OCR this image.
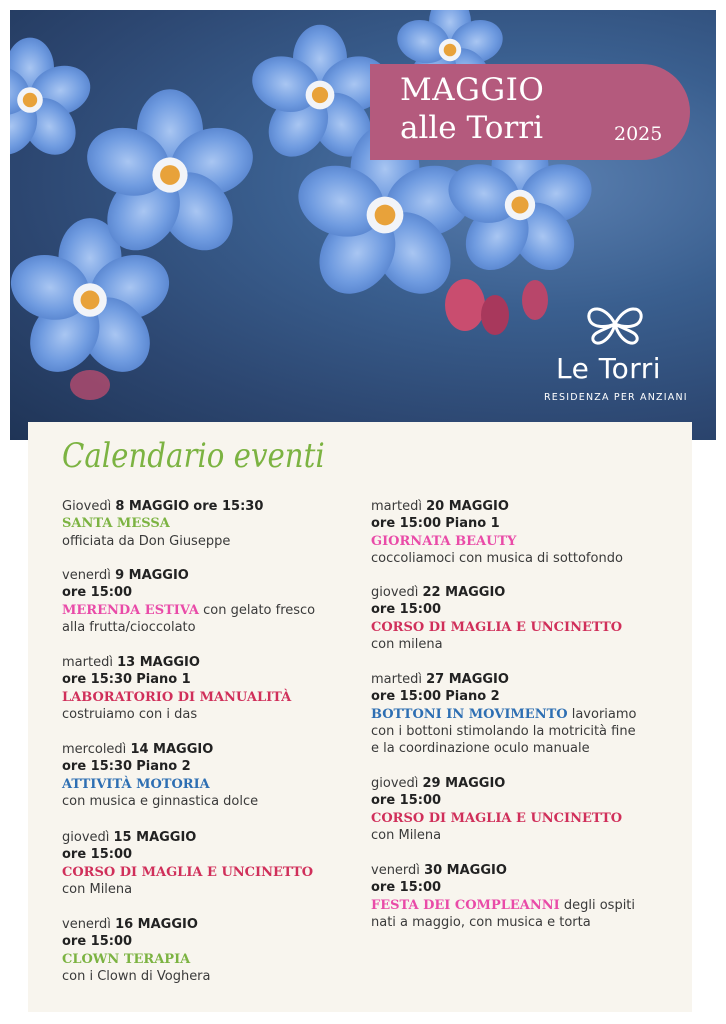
MAGGIO
alle Torri	2025
Le Torri
RESIDENZA PER ANZIANI
Calendario eventi
Giovedì 8 MAGGIO ore 15:30
SANTA MESSA
officiata da Don Giuseppe
venerdì 9 MAGGIO
ore 15:00
MERENDA ESTIVA con gelato fresco
alla frutta/cioccolato
martedì 13 MAGGIO
ore 15:30 Piano 1
LABORATORIO DI MANUALITÀ
costruiamo con i das
mercoledì 14 MAGGIO
ore 15:30 Piano 2
ATTIVITÀ MOTORIA
con musica e ginnastica dolce
giovedì 15 MAGGIO
ore 15:00
CORSO DI MAGLIA E UNCINETTO
con Milena
venerdì 16 MAGGIO
ore 15:00
CLOWN TERAPIA
con i Clown di Voghera
martedì 20 MAGGIO
ore 15:00 Piano 1
GIORNATA BEAUTY
coccoliamoci con musica di sottofondo
giovedì 22 MAGGIO
ore 15:00
CORSO DI MAGLIA E UNCINETTO
con milena
martedì 27 MAGGIO
ore 15:00 Piano 2
BOTTONI IN MOVIMENTO lavoriamo
con i bottoni stimolando la motricità fine
e la coordinazione oculo manuale
giovedì 29 MAGGIO
ore 15:00
CORSO DI MAGLIA E UNCINETTO
con Milena
venerdì 30 MAGGIO
ore 15:00
FESTA DEI COMPLEANNI degli ospiti
nati a maggio, con musica e torta
